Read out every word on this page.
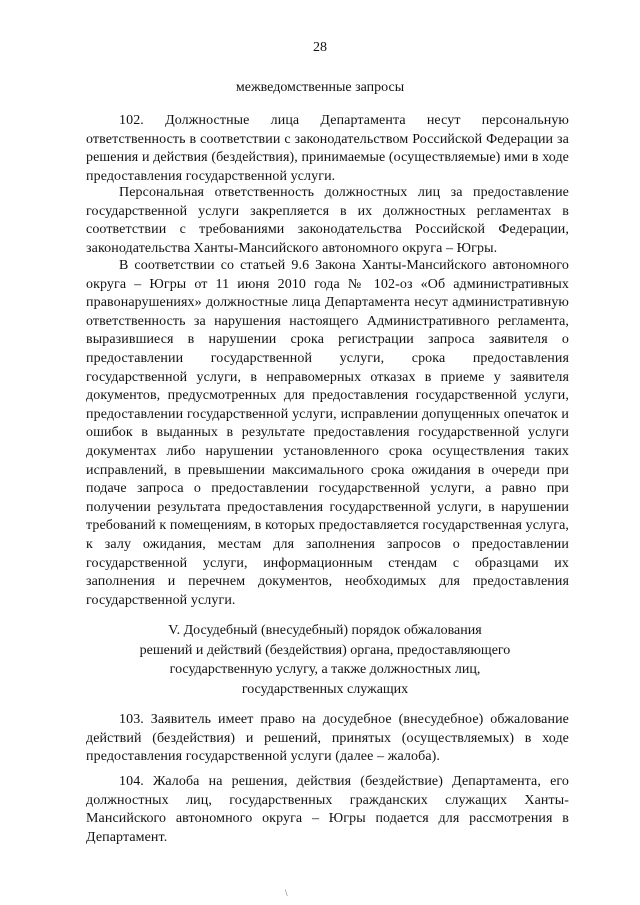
28
межведомственные запросы

102. Должностные лица Департамента несут персональную ответственность в соответствии с законодательством Российской Федерации за решения и действия (бездействия), принимаемые (осуществляемые) ими в ходе предоставления государственной услуги.

Персональная ответственность должностных лиц за предоставление государственной услуги закрепляется в их должностных регламентах в соответствии с требованиями законодательства Российской Федерации, законодательства Ханты-Мансийского автономного округа – Югры.

В соответствии со статьей 9.6 Закона Ханты-Мансийского автономного округа – Югры от 11 июня 2010 года № 102-оз «Об административных правонарушениях» должностные лица Департамента несут административную ответственность за нарушения настоящего Административного регламента, выразившиеся в нарушении срока регистрации запроса заявителя о предоставлении государственной услуги, срока предоставления государственной услуги, в неправомерных отказах в приеме у заявителя документов, предусмотренных для предоставления государственной услуги, предоставлении государственной услуги, исправлении допущенных опечаток и ошибок в выданных в результате предоставления государственной услуги документах либо нарушении установленного срока осуществления таких исправлений, в превышении максимального срока ожидания в очереди при подаче запроса о предоставлении государственной услуги, а равно при получении результата предоставления государственной услуги, в нарушении требований к помещениям, в которых предоставляется государственная услуга, к залу ожидания, местам для заполнения запросов о предоставлении государственной услуги, информационным стендам с образцами их заполнения и перечнем документов, необходимых для предоставления государственной услуги.

V. Досудебный (внесудебный) порядок обжалования
решений и действий (бездействия) органа, предоставляющего
государственную услугу, а также должностных лиц,
государственных служащих

103. Заявитель имеет право на досудебное (внесудебное) обжалование действий (бездействия) и решений, принятых (осуществляемых) в ходе предоставления государственной услуги (далее – жалоба).

104. Жалоба на решения, действия (бездействие) Департамента, его должностных лиц, государственных гражданских служащих Ханты-Мансийского автономного округа – Югры подается для рассмотрения в Департамент.

\
